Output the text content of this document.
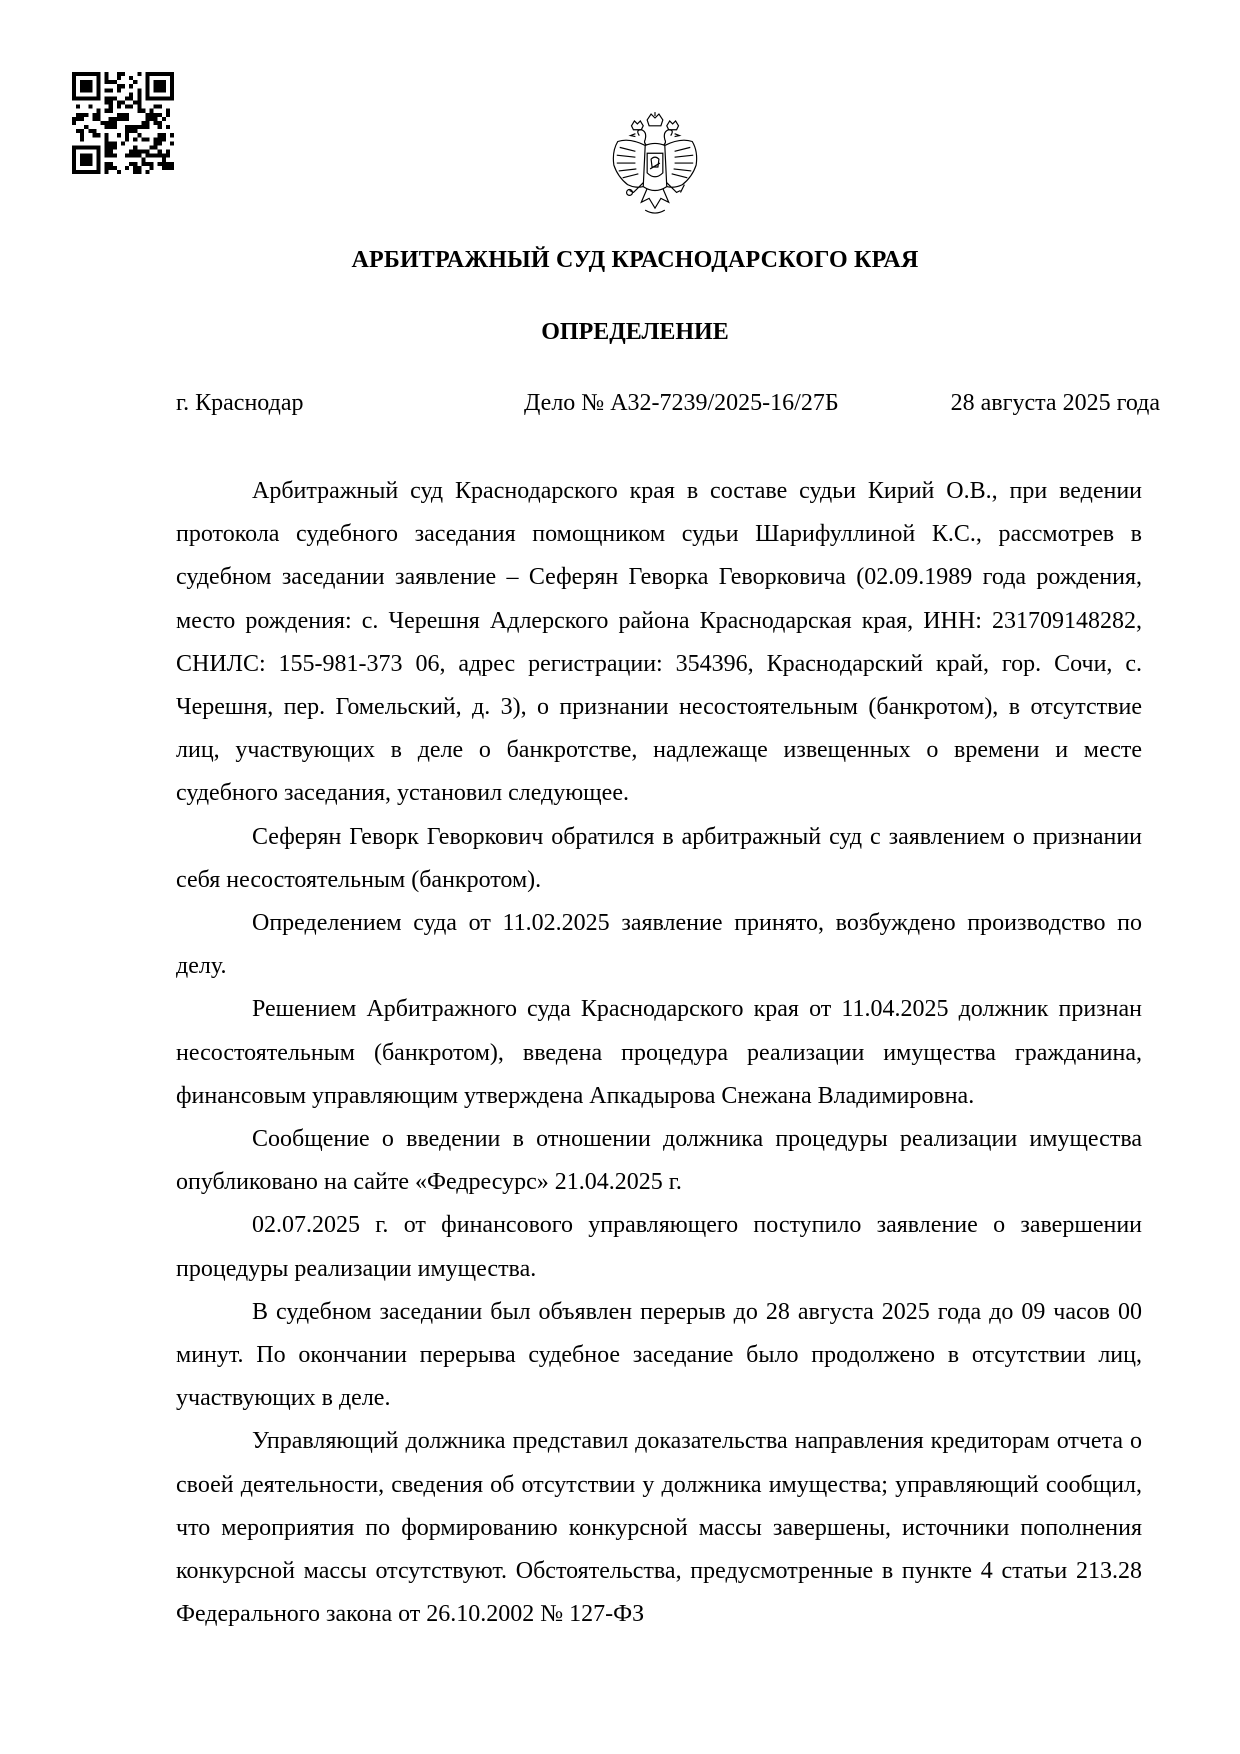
АРБИТРАЖНЫЙ СУД КРАСНОДАРСКОГО КРАЯ
ОПРЕДЕЛЕНИЕ
г. Краснодар	Дело № А32-7239/2025-16/27Б	28 августа 2025 года

Арбитражный суд Краснодарского края в составе судьи Кирий О.В., при ведении протокола судебного заседания помощником судьи Шарифуллиной К.С., рассмотрев в судебном заседании заявление – Сеферян Геворка Геворковича (02.09.1989 года рождения, место рождения: с. Черешня Адлерского района Краснодарская края, ИНН: 231709148282, СНИЛС: 155-981-373 06, адрес регистрации: 354396, Краснодарский край, гор. Сочи, с. Черешня, пер. Гомельский, д. 3), о признании несостоятельным (банкротом), в отсутствие лиц, участвующих в деле о банкротстве, надлежаще извещенных о времени и месте судебного заседания, установил следующее.

Сеферян Геворк Геворкович обратился в арбитражный суд с заявлением о признании себя несостоятельным (банкротом).

Определением суда от 11.02.2025 заявление принято, возбуждено производство по делу.

Решением Арбитражного суда Краснодарского края от 11.04.2025 должник признан несостоятельным (банкротом), введена процедура реализации имущества гражданина, финансовым управляющим утверждена Апкадырова Снежана Владимировна.

Сообщение о введении в отношении должника процедуры реализации имущества опубликовано на сайте «Федресурс» 21.04.2025 г.

02.07.2025 г. от финансового управляющего поступило заявление о завершении процедуры реализации имущества.

В судебном заседании был объявлен перерыв до 28 августа 2025 года до 09 часов 00 минут. По окончании перерыва судебное заседание было продолжено в отсутствии лиц, участвующих в деле.

Управляющий должника представил доказательства направления кредиторам отчета о своей деятельности, сведения об отсутствии у должника имущества; управляющий сообщил, что мероприятия по формированию конкурсной массы завершены, источники пополнения конкурсной массы отсутствуют. Обстоятельства, предусмотренные в пункте 4 статьи 213.28 Федерального закона от 26.10.2002 № 127-ФЗ
